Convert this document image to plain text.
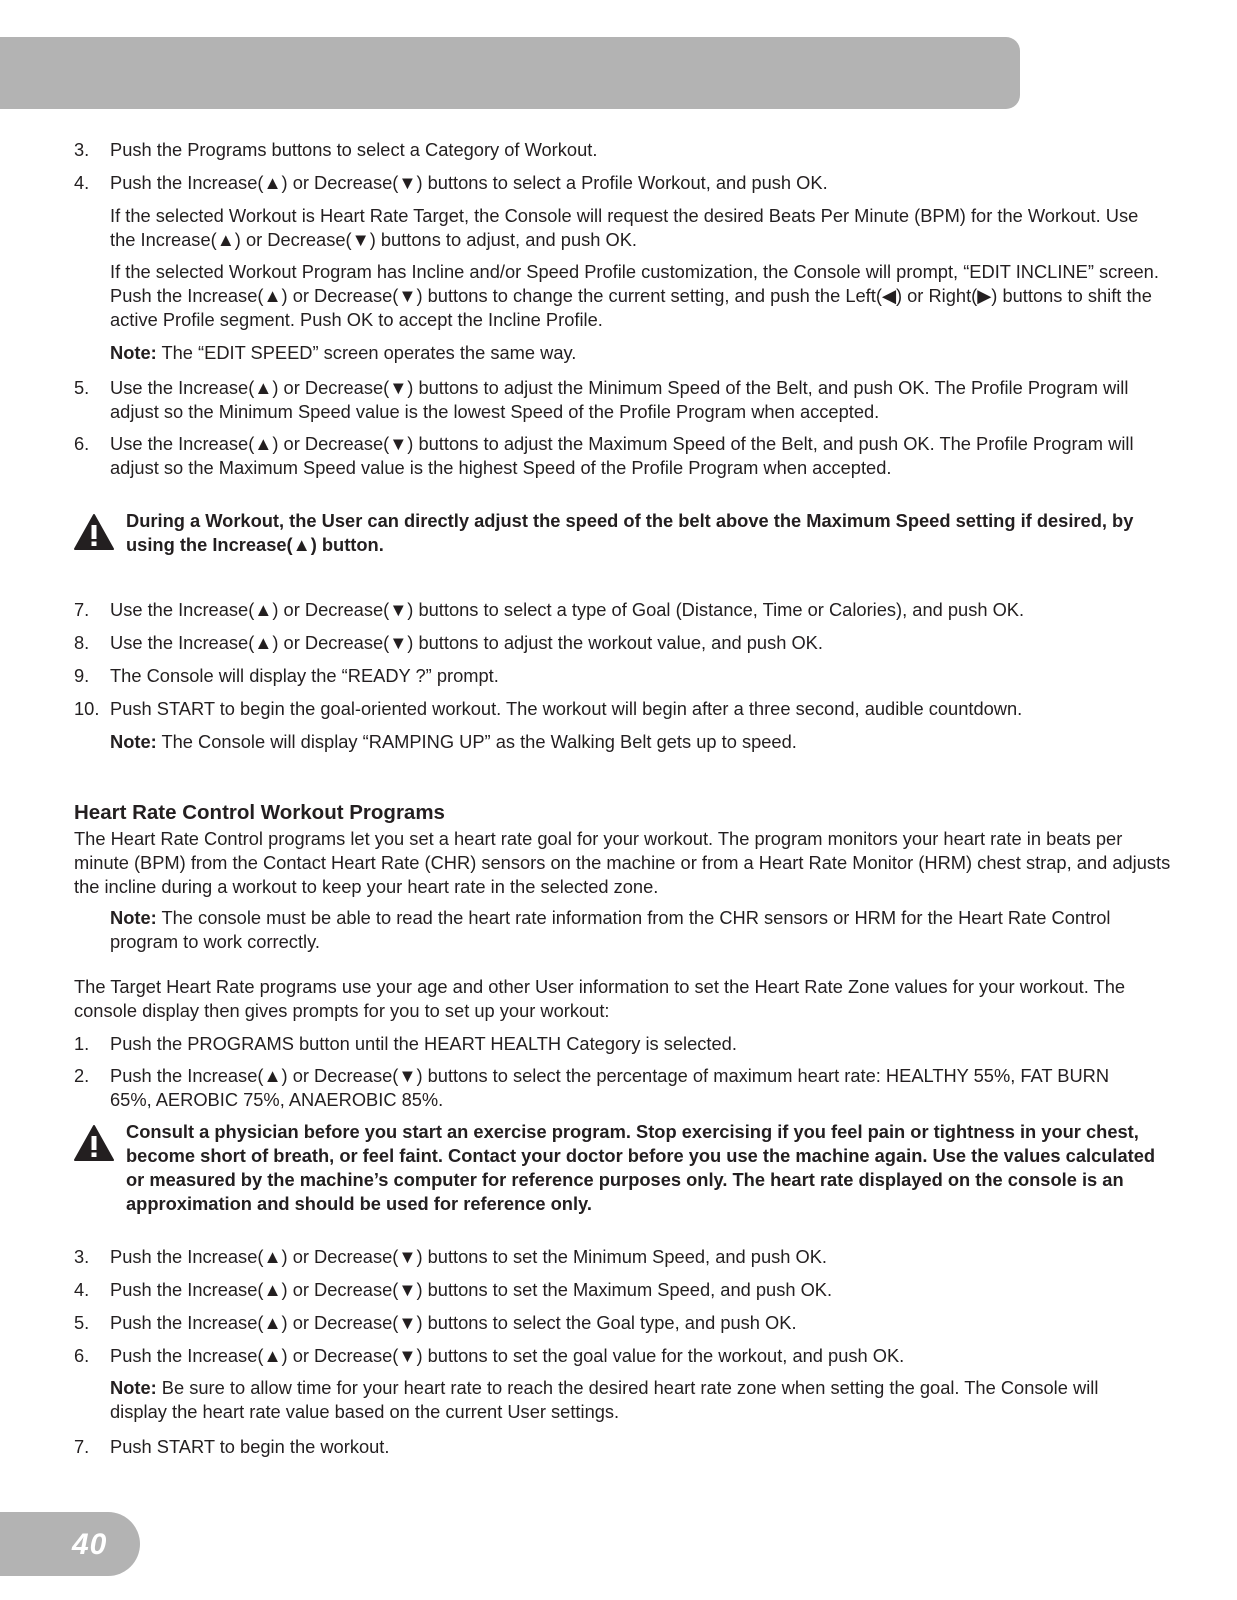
3. Push the Programs buttons to select a Category of Workout.
4. Push the Increase(▲) or Decrease(▼) buttons to select a Profile Workout, and push OK.

If the selected Workout is Heart Rate Target, the Console will request the desired Beats Per Minute (BPM) for the Workout. Use the Increase(▲) or Decrease(▼) buttons to adjust, and push OK.

If the selected Workout Program has Incline and/or Speed Profile customization, the Console will prompt, “EDIT INCLINE” screen. Push the Increase(▲) or Decrease(▼) buttons to change the current setting, and push the Left(◀) or Right(▶) buttons to shift the active Profile segment. Push OK to accept the Incline Profile.

Note: The “EDIT SPEED” screen operates the same way.

5. Use the Increase(▲) or Decrease(▼) buttons to adjust the Minimum Speed of the Belt, and push OK. The Profile Program will adjust so the Minimum Speed value is the lowest Speed of the Profile Program when accepted.
6. Use the Increase(▲) or Decrease(▼) buttons to adjust the Maximum Speed of the Belt, and push OK. The Profile Program will adjust so the Maximum Speed value is the highest Speed of the Profile Program when accepted.
During a Workout, the User can directly adjust the speed of the belt above the Maximum Speed setting if desired, by using the Increase(▲) button.
7. Use the Increase(▲) or Decrease(▼) buttons to select a type of Goal (Distance, Time or Calories), and push OK.
8. Use the Increase(▲) or Decrease(▼) buttons to adjust the workout value, and push OK.
9. The Console will display the “READY ?” prompt.
10. Push START to begin the goal-oriented workout. The workout will begin after a three second, audible countdown.

Note: The Console will display “RAMPING UP” as the Walking Belt gets up to speed.

Heart Rate Control Workout Programs

The Heart Rate Control programs let you set a heart rate goal for your workout. The program monitors your heart rate in beats per minute (BPM) from the Contact Heart Rate (CHR) sensors on the machine or from a Heart Rate Monitor (HRM) chest strap, and adjusts the incline during a workout to keep your heart rate in the selected zone.

Note: The console must be able to read the heart rate information from the CHR sensors or HRM for the Heart Rate Control program to work correctly.

The Target Heart Rate programs use your age and other User information to set the Heart Rate Zone values for your workout. The console display then gives prompts for you to set up your workout:

1. Push the PROGRAMS button until the HEART HEALTH Category is selected.
2. Push the Increase(▲) or Decrease(▼) buttons to select the percentage of maximum heart rate: HEALTHY 55%, FAT BURN 65%, AEROBIC 75%, ANAEROBIC 85%.
Consult a physician before you start an exercise program. Stop exercising if you feel pain or tightness in your chest, become short of breath, or feel faint. Contact your doctor before you use the machine again. Use the values calculated or measured by the machine’s computer for reference purposes only. The heart rate displayed on the console is an approximation and should be used for reference only.
3. Push the Increase(▲) or Decrease(▼) buttons to set the Minimum Speed, and push OK.
4. Push the Increase(▲) or Decrease(▼) buttons to set the Maximum Speed, and push OK.
5. Push the Increase(▲) or Decrease(▼) buttons to select the Goal type, and push OK.
6. Push the Increase(▲) or Decrease(▼) buttons to set the goal value for the workout, and push OK.

Note: Be sure to allow time for your heart rate to reach the desired heart rate zone when setting the goal. The Console will display the heart rate value based on the current User settings.

7. Push START to begin the workout.
40
